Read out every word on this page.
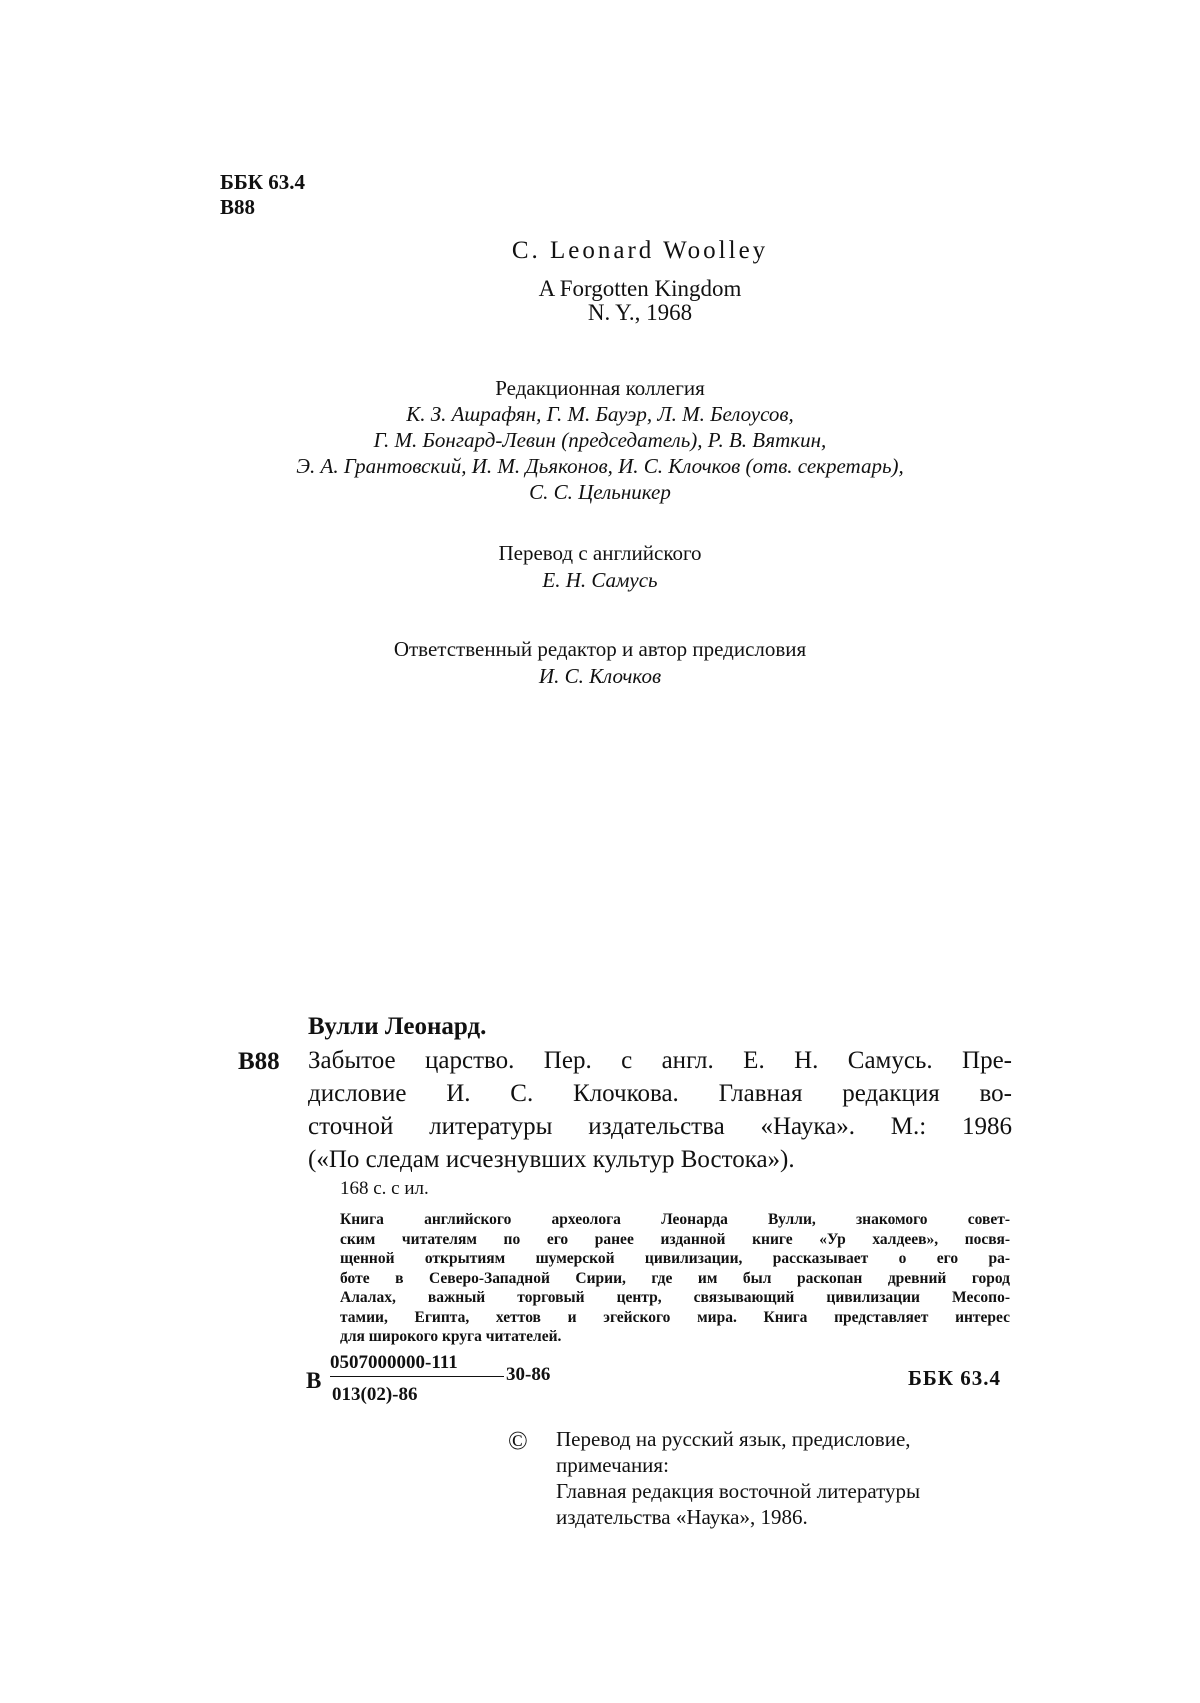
ББК 63.4
В88
C. Leonard Woolley
A Forgotten Kingdom
N. Y., 1968
Редакционная коллегия
К. З. Ашрафян, Г. М. Бауэр, Л. М. Белоусов,
Г. М. Бонгард-Левин (председатель), Р. В. Вяткин,
Э. А. Грантовский, И. М. Дьяконов, И. С. Клочков (отв. секретарь),
С. С. Цельникер
Перевод с английского
Е. Н. Самусь
Ответственный редактор и автор предисловия
И. С. Клочков
Вулли Леонард.
В88 Забытое царство. Пер. с англ. Е. Н. Самусь. Пре-
дисловие И. С. Клочкова. Главная редакция во-
сточной литературы издательства «Наука». М.: 1986
(«По следам исчезнувших культур Востока»).
168 с. с ил.
Книга английского археолога Леонарда Вулли, знакомого совет-
ским читателям по его ранее изданной книге «Ур халдеев», посвя-
щенной открытиям шумерской цивилизации, рассказывает о его ра-
боте в Северо-Западной Сирии, где им был раскопан древний город
Алалах, важный торговый центр, связывающий цивилизации Месопо-
тамии, Египта, хеттов и эгейского мира. Книга представляет интерес
для широкого круга читателей.
В
0507000000-111
013(02)-86
30-86	ББК 63.4
© Перевод на русский язык, предисловие,
примечания:
Главная редакция восточной литературы
издательства «Наука», 1986.
